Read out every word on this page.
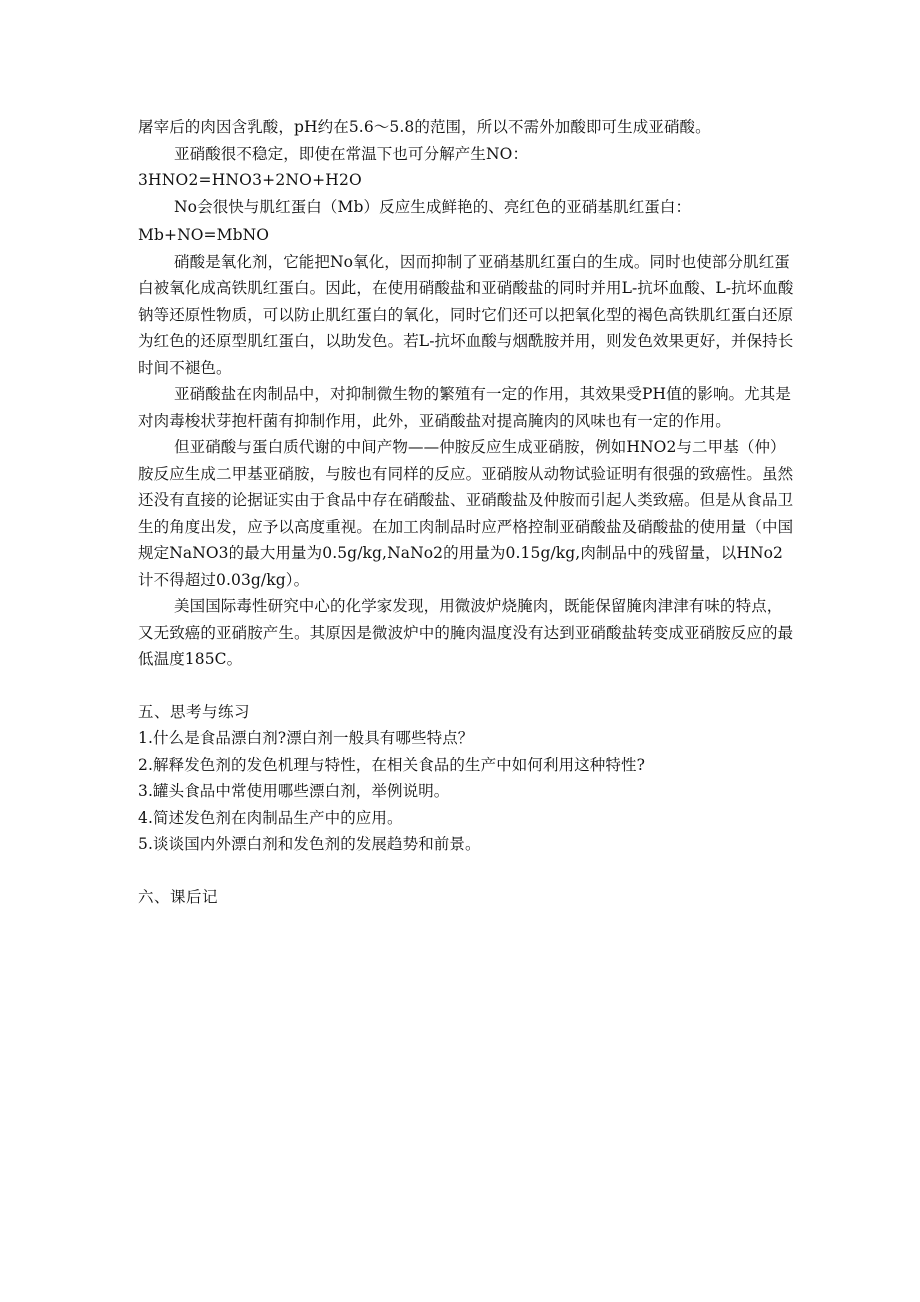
屠宰后的肉因含乳酸，pH约在5.6～5.8的范围，所以不需外加酸即可生成亚硝酸。

亚硝酸很不稳定，即使在常温下也可分解产生NO：

3HNO2=HNO3+2NO+H2O

No会很快与肌红蛋白（Mb）反应生成鲜艳的、亮红色的亚硝基肌红蛋白：

Mb+NO=MbNO

硝酸是氧化剂，它能把No氧化，因而抑制了亚硝基肌红蛋白的生成。同时也使部分肌红蛋白被氧化成高铁肌红蛋白。因此，在使用硝酸盐和亚硝酸盐的同时并用L-抗坏血酸、L-抗坏血酸钠等还原性物质，可以防止肌红蛋白的氧化，同时它们还可以把氧化型的褐色高铁肌红蛋白还原为红色的还原型肌红蛋白，以助发色。若L-抗坏血酸与烟酰胺并用，则发色效果更好，并保持长时间不褪色。

亚硝酸盐在肉制品中，对抑制微生物的繁殖有一定的作用，其效果受PH值的影响。尤其是对肉毒梭状芽抱杆菌有抑制作用，此外，亚硝酸盐对提高腌肉的风味也有一定的作用。

但亚硝酸与蛋白质代谢的中间产物——仲胺反应生成亚硝胺，例如HNO2与二甲基（仲）胺反应生成二甲基亚硝胺，与胺也有同样的反应。亚硝胺从动物试验证明有很强的致癌性。虽然还没有直接的论据证实由于食品中存在硝酸盐、亚硝酸盐及仲胺而引起人类致癌。但是从食品卫生的角度出发，应予以高度重视。在加工肉制品时应严格控制亚硝酸盐及硝酸盐的使用量（中国规定NaNO3的最大用量为0.5g/kg,NaNo2的用量为0.15g/kg,肉制品中的残留量，以HNo2计不得超过0.03g/kg）。

美国国际毒性研究中心的化学家发现，用微波炉烧腌肉，既能保留腌肉津津有味的特点，又无致癌的亚硝胺产生。其原因是微波炉中的腌肉温度没有达到亚硝酸盐转变成亚硝胺反应的最低温度185C。

五、思考与练习

1.什么是食品漂白剂?漂白剂一般具有哪些特点？

2.解释发色剂的发色机理与特性，在相关食品的生产中如何利用这种特性?

3.罐头食品中常使用哪些漂白剂，举例说明。

4.简述发色剂在肉制品生产中的应用。

5.谈谈国内外漂白剂和发色剂的发展趋势和前景。

六、课后记
